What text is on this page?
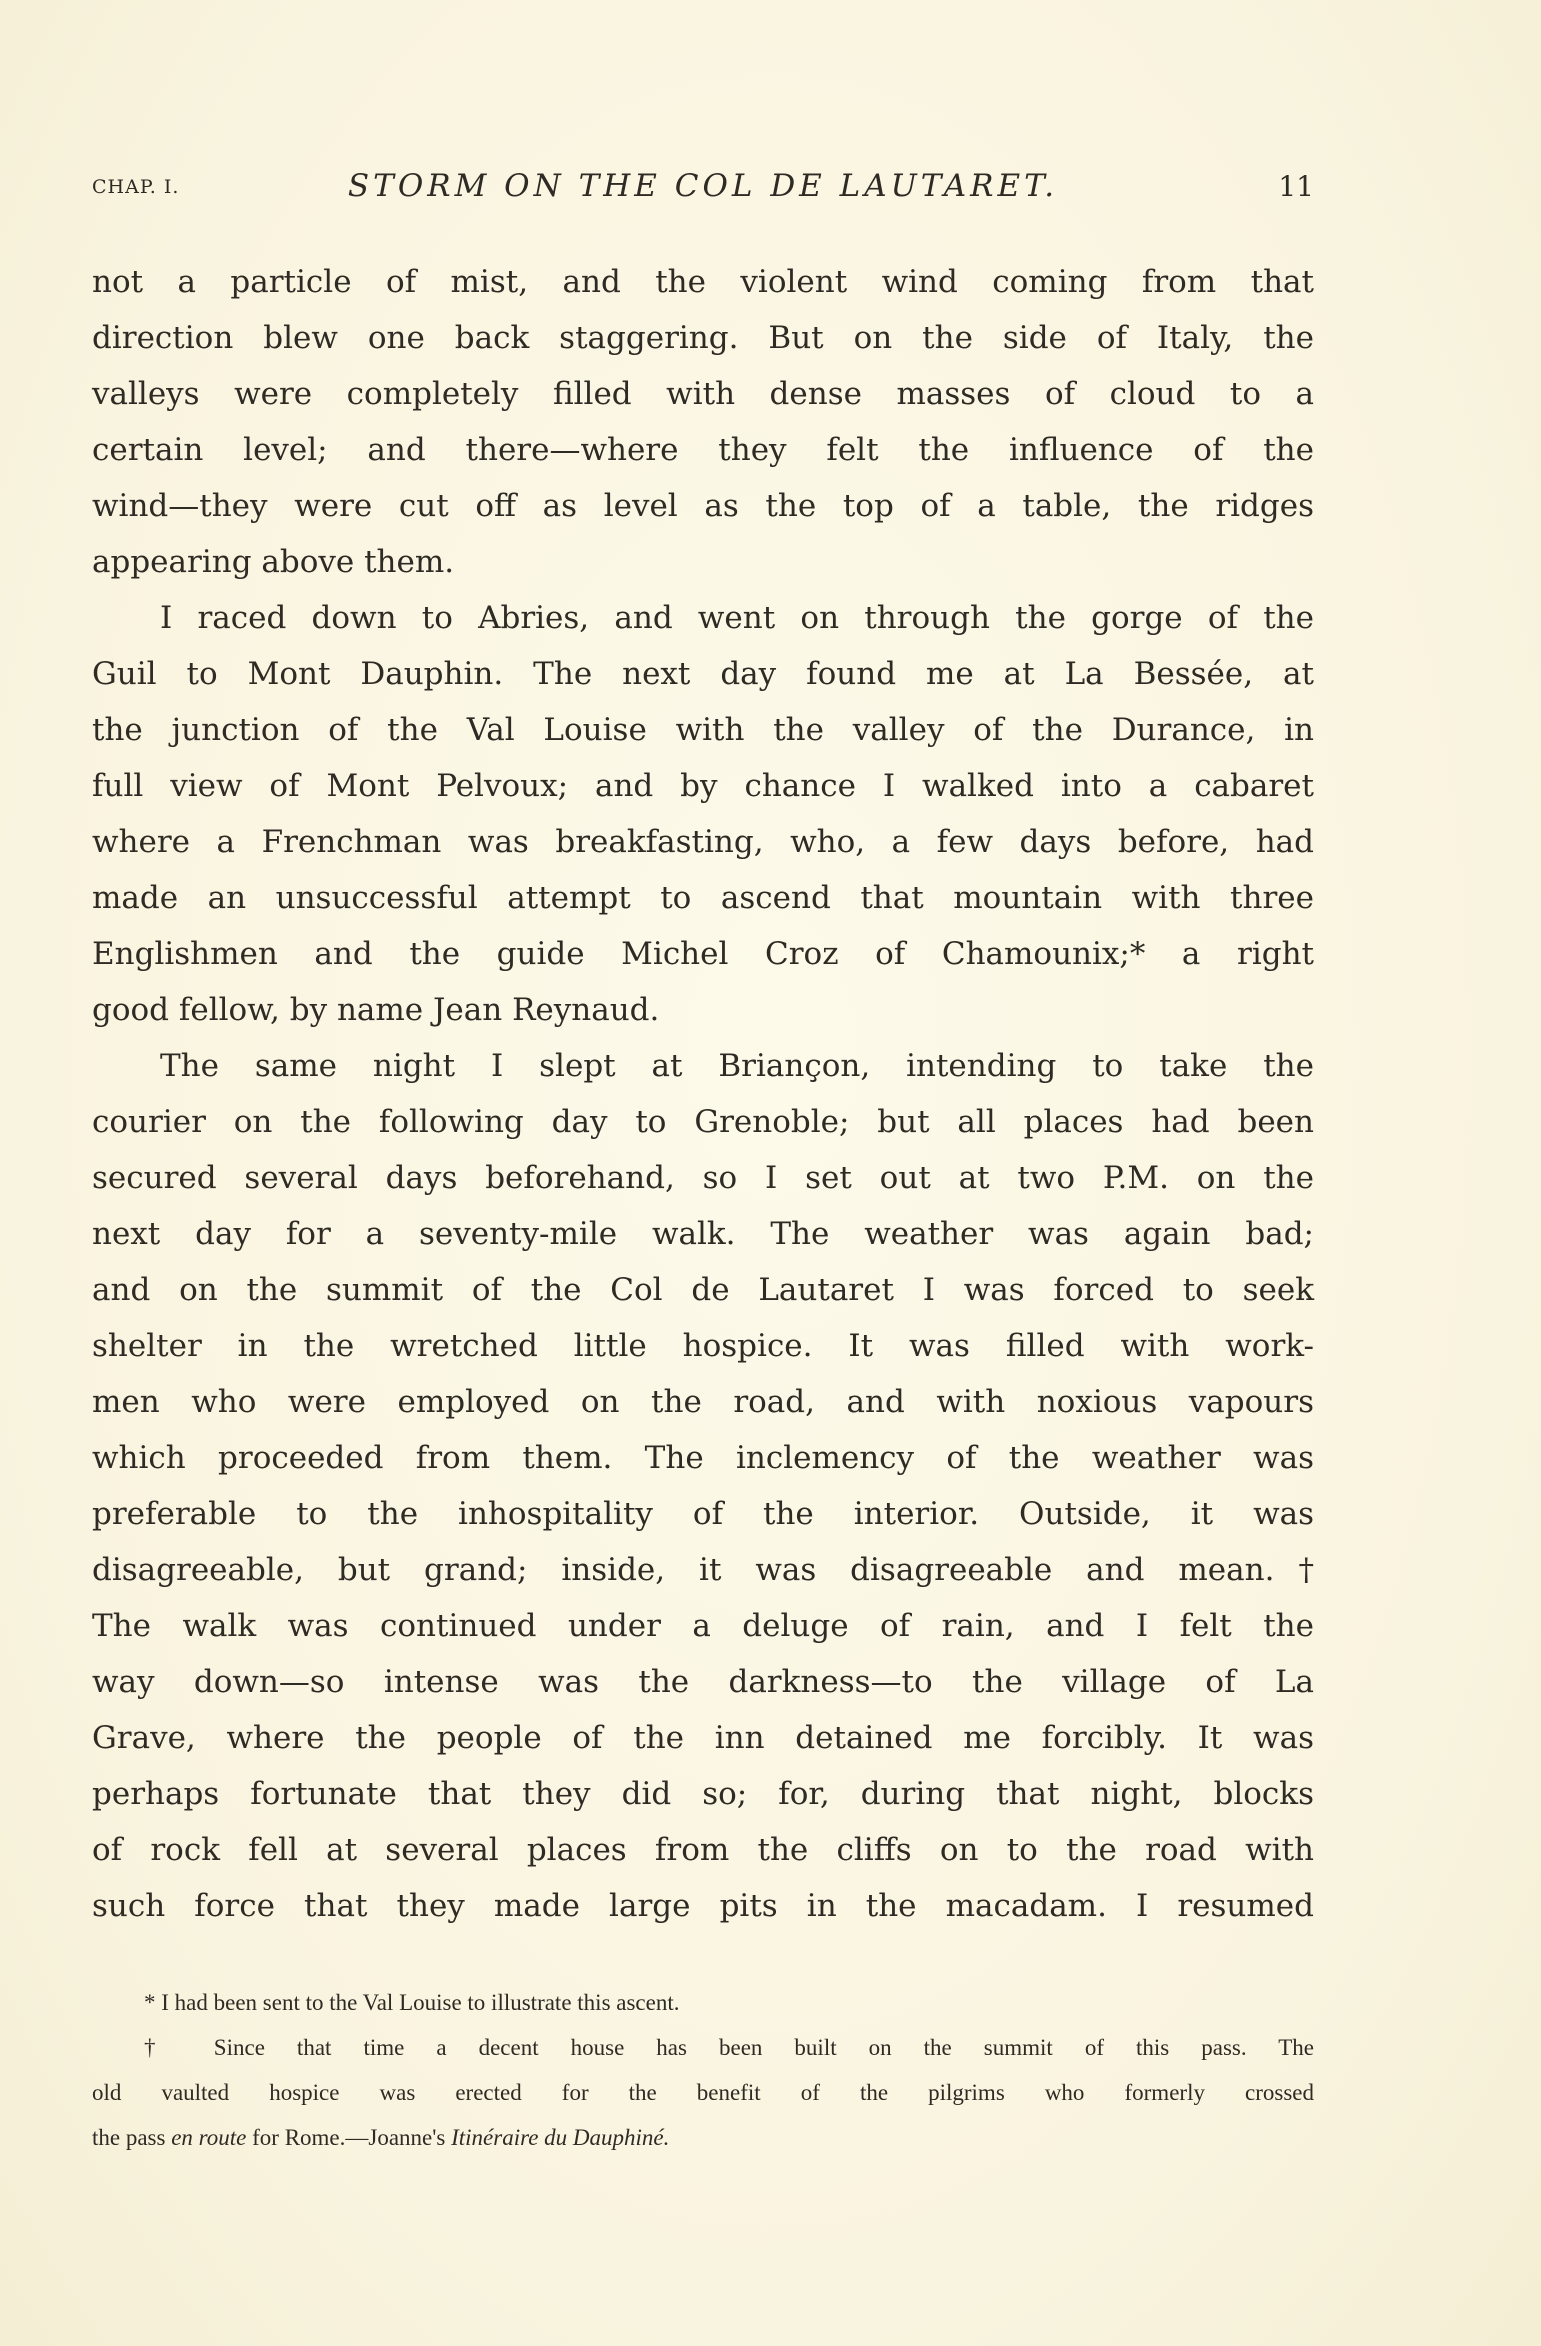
CHAP. I.	STORM ON THE COL DE LAUTARET.	11
not a particle of mist, and the violent wind coming from that
direction blew one back staggering. But on the side of Italy, the
valleys were completely filled with dense masses of cloud to a
certain level; and there—where they felt the influence of the
wind—they were cut off as level as the top of a table, the ridges
appearing above them.
I raced down to Abries, and went on through the gorge of the
Guil to Mont Dauphin. The next day found me at La Bessée, at
the junction of the Val Louise with the valley of the Durance, in
full view of Mont Pelvoux; and by chance I walked into a cabaret
where a Frenchman was breakfasting, who, a few days before, had
made an unsuccessful attempt to ascend that mountain with three
Englishmen and the guide Michel Croz of Chamounix;* a right
good fellow, by name Jean Reynaud.
The same night I slept at Briançon, intending to take the
courier on the following day to Grenoble; but all places had been
secured several days beforehand, so I set out at two P.M. on the
next day for a seventy-mile walk. The weather was again bad;
and on the summit of the Col de Lautaret I was forced to seek
shelter in the wretched little hospice. It was filled with work-
men who were employed on the road, and with noxious vapours
which proceeded from them. The inclemency of the weather was
preferable to the inhospitality of the interior. Outside, it was
disagreeable, but grand; inside, it was disagreeable and mean.†
The walk was continued under a deluge of rain, and I felt the
way down—so intense was the darkness—to the village of La
Grave, where the people of the inn detained me forcibly. It was
perhaps fortunate that they did so; for, during that night, blocks
of rock fell at several places from the cliffs on to the road with
such force that they made large pits in the macadam. I resumed
* I had been sent to the Val Louise to illustrate this ascent.
† Since that time a decent house has been built on the summit of this pass. The
old vaulted hospice was erected for the benefit of the pilgrims who formerly crossed
the pass en route for Rome.—Joanne's Itinéraire du Dauphiné.
